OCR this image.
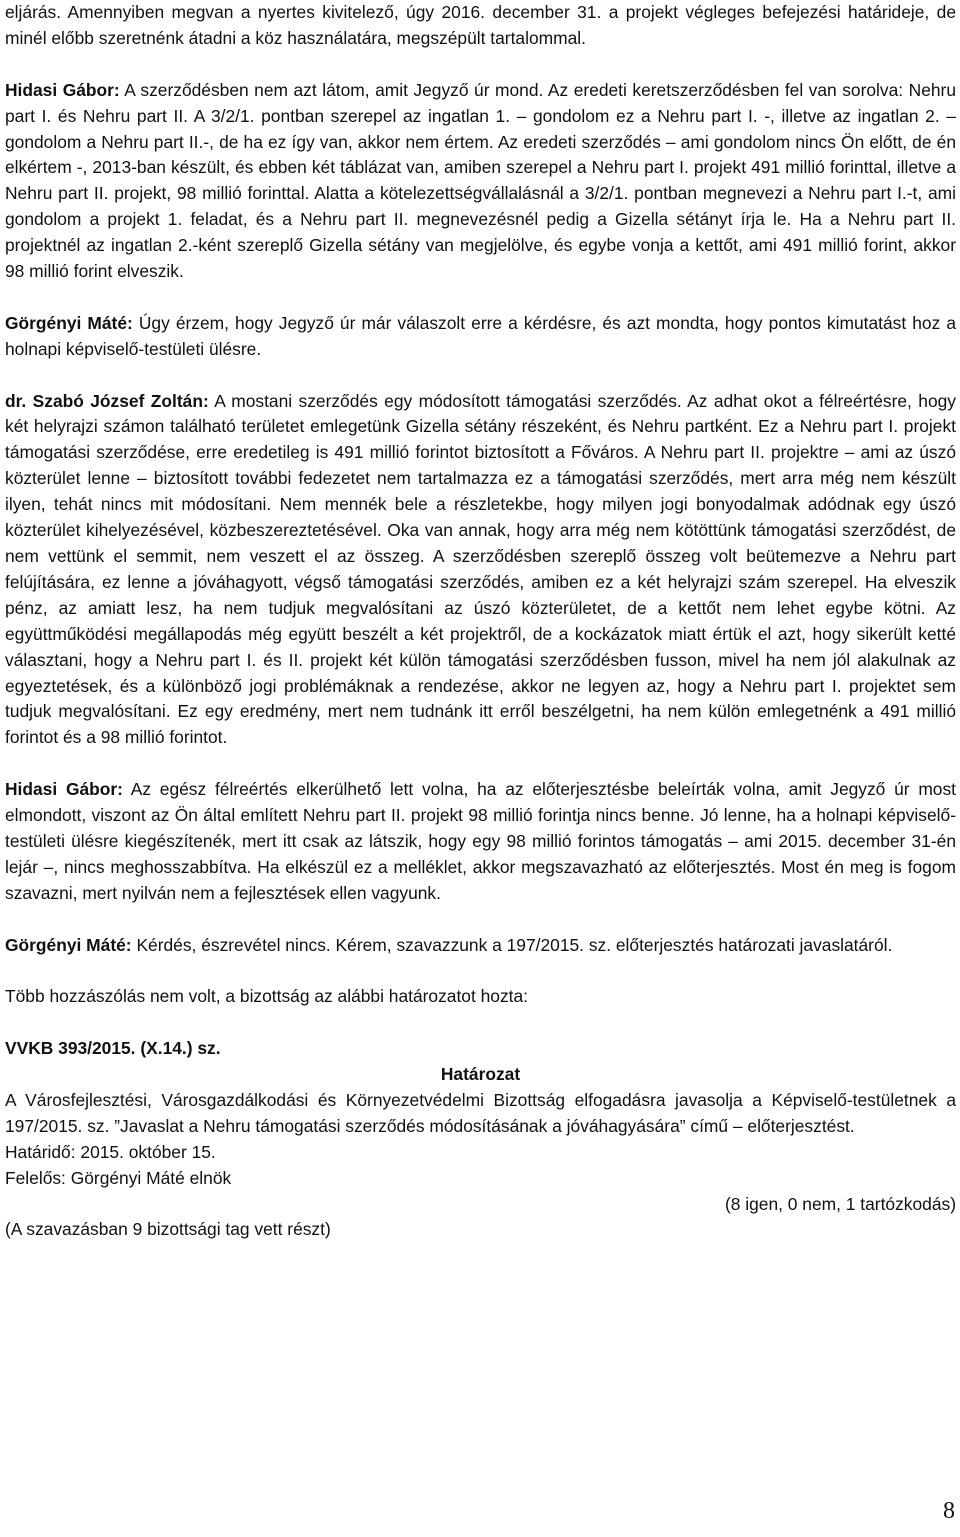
eljárás. Amennyiben megvan a nyertes kivitelező, úgy 2016. december 31. a projekt végleges befejezési határideje, de minél előbb szeretnénk átadni a köz használatára, megszépült tartalommal.

Hidasi Gábor: A szerződésben nem azt látom, amit Jegyző úr mond. Az eredeti keretszerződésben fel van sorolva: Nehru part I. és Nehru part II. A 3/2/1. pontban szerepel az ingatlan 1. – gondolom ez a Nehru part I. -, illetve az ingatlan 2. – gondolom a Nehru part II.-, de ha ez így van, akkor nem értem. Az eredeti szerződés – ami gondolom nincs Ön előtt, de én elkértem -, 2013-ban készült, és ebben két táblázat van, amiben szerepel a Nehru part I. projekt 491 millió forinttal, illetve a Nehru part II. projekt, 98 millió forinttal. Alatta a kötelezettségvállalásnál a 3/2/1. pontban megnevezi a Nehru part I.-t, ami gondolom a projekt 1. feladat, és a Nehru part II. megnevezésnél pedig a Gizella sétányt írja le. Ha a Nehru part II. projektnél az ingatlan 2.-ként szereplő Gizella sétány van megjelölve, és egybe vonja a kettőt, ami 491 millió forint, akkor 98 millió forint elveszik.

Görgényi Máté: Úgy érzem, hogy Jegyző úr már válaszolt erre a kérdésre, és azt mondta, hogy pontos kimutatást hoz a holnapi képviselő-testületi ülésre.

dr. Szabó József Zoltán: A mostani szerződés egy módosított támogatási szerződés. Az adhat okot a félreértésre, hogy két helyrajzi számon található területet emlegetünk Gizella sétány részeként, és Nehru partként. Ez a Nehru part I. projekt támogatási szerződése, erre eredetileg is 491 millió forintot biztosított a Főváros. A Nehru part II. projektre – ami az úszó közterület lenne – biztosított további fedezetet nem tartalmazza ez a támogatási szerződés, mert arra még nem készült ilyen, tehát nincs mit módosítani. Nem mennék bele a részletekbe, hogy milyen jogi bonyodalmak adódnak egy úszó közterület kihelyezésével, közbeszereztetésével. Oka van annak, hogy arra még nem kötöttünk támogatási szerződést, de nem vettünk el semmit, nem veszett el az összeg. A szerződésben szereplő összeg volt beütemezve a Nehru part felújítására, ez lenne a jóváhagyott, végső támogatási szerződés, amiben ez a két helyrajzi szám szerepel. Ha elveszik pénz, az amiatt lesz, ha nem tudjuk megvalósítani az úszó közterületet, de a kettőt nem lehet egybe kötni. Az együttműködési megállapodás még együtt beszélt a két projektről, de a kockázatok miatt értük el azt, hogy sikerült ketté választani, hogy a Nehru part I. és II. projekt két külön támogatási szerződésben fusson, mivel ha nem jól alakulnak az egyeztetések, és a különböző jogi problémáknak a rendezése, akkor ne legyen az, hogy a Nehru part I. projektet sem tudjuk megvalósítani. Ez egy eredmény, mert nem tudnánk itt erről beszélgetni, ha nem külön emlegetnénk a 491 millió forintot és a 98 millió forintot.

Hidasi Gábor: Az egész félreértés elkerülhető lett volna, ha az előterjesztésbe beleírták volna, amit Jegyző úr most elmondott, viszont az Ön által említett Nehru part II. projekt 98 millió forintja nincs benne. Jó lenne, ha a holnapi képviselő-testületi ülésre kiegészítenék, mert itt csak az látszik, hogy egy 98 millió forintos támogatás – ami 2015. december 31-én lejár –, nincs meghosszabbítva. Ha elkészül ez a melléklet, akkor megszavazható az előterjesztés. Most én meg is fogom szavazni, mert nyilván nem a fejlesztések ellen vagyunk.

Görgényi Máté: Kérdés, észrevétel nincs. Kérem, szavazzunk a 197/2015. sz. előterjesztés határozati javaslatáról.

Több hozzászólás nem volt, a bizottság az alábbi határozatot hozta:

VVKB 393/2015. (X.14.) sz.

Határozat

A Városfejlesztési, Városgazdálkodási és Környezetvédelmi Bizottság elfogadásra javasolja a Képviselő-testületnek a 197/2015. sz. ”Javaslat a Nehru támogatási szerződés módosításának a jóváhagyására” című – előterjesztést.

Határidő: 2015. október 15.

Felelős: Görgényi Máté elnök

(8 igen, 0 nem, 1 tartózkodás)

(A szavazásban 9 bizottsági tag vett részt)

8
